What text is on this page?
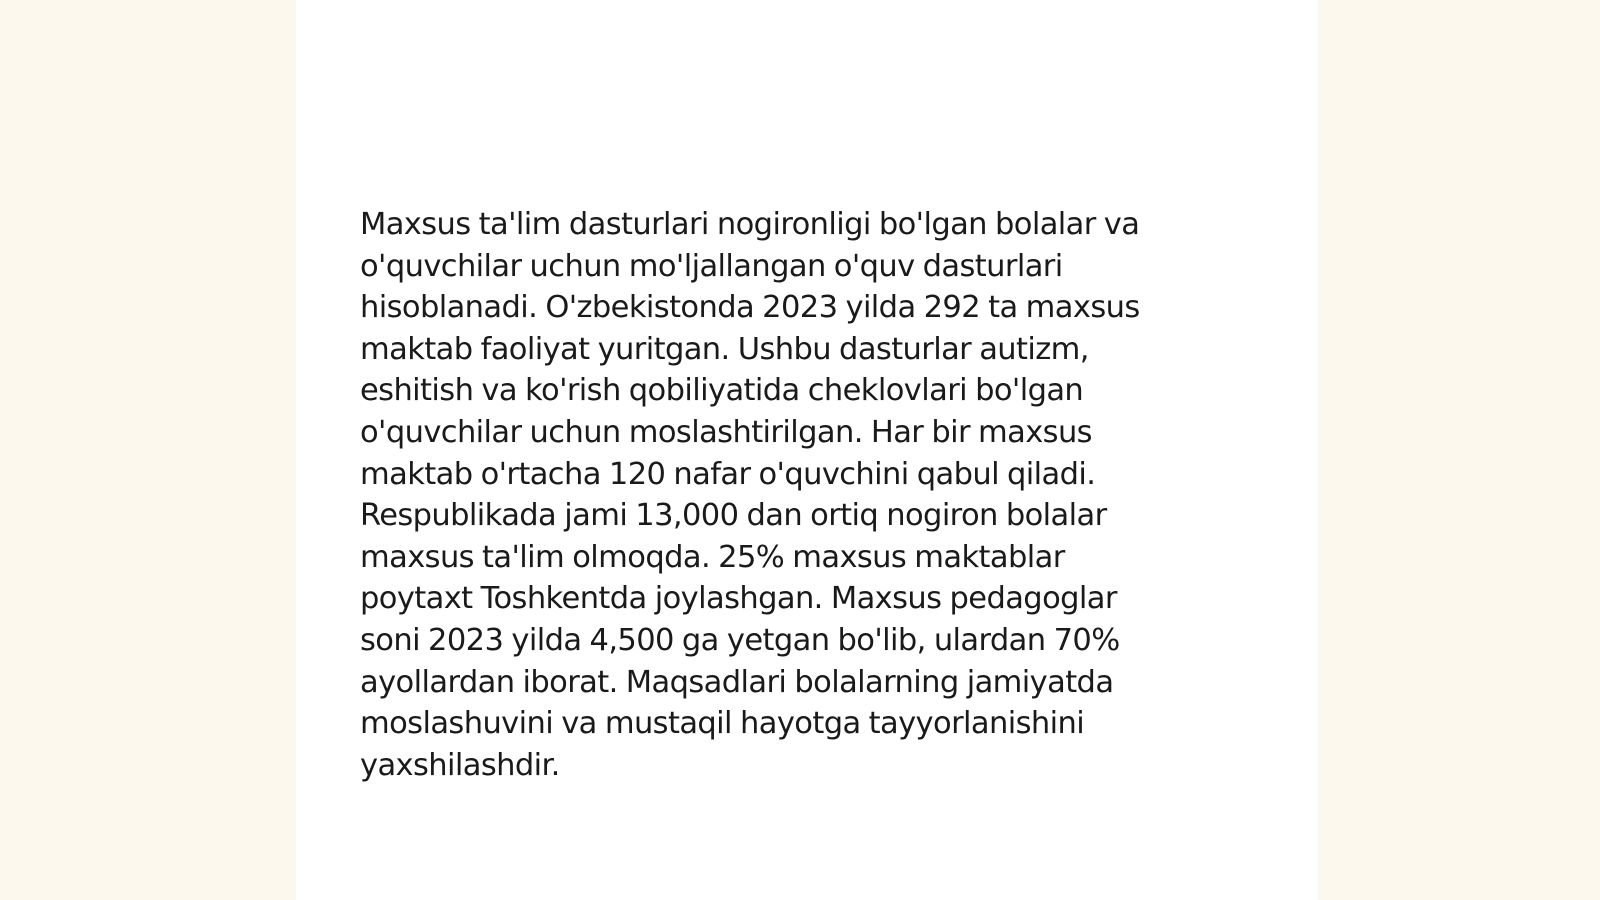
Maxsus ta'lim dasturlari nogironligi bo'lgan bolalar va
o'quvchilar uchun mo'ljallangan o'quv dasturlari
hisoblanadi. O'zbekistonda 2023 yilda 292 ta maxsus
maktab faoliyat yuritgan. Ushbu dasturlar autizm,
eshitish va ko'rish qobiliyatida cheklovlari bo'lgan
o'quvchilar uchun moslashtirilgan. Har bir maxsus
maktab o'rtacha 120 nafar o'quvchini qabul qiladi.
Respublikada jami 13,000 dan ortiq nogiron bolalar
maxsus ta'lim olmoqda. 25% maxsus maktablar
poytaxt Toshkentda joylashgan. Maxsus pedagoglar
soni 2023 yilda 4,500 ga yetgan bo'lib, ulardan 70%
ayollardan iborat. Maqsadlari bolalarning jamiyatda
moslashuvini va mustaqil hayotga tayyorlanishini
yaxshilashdir.
